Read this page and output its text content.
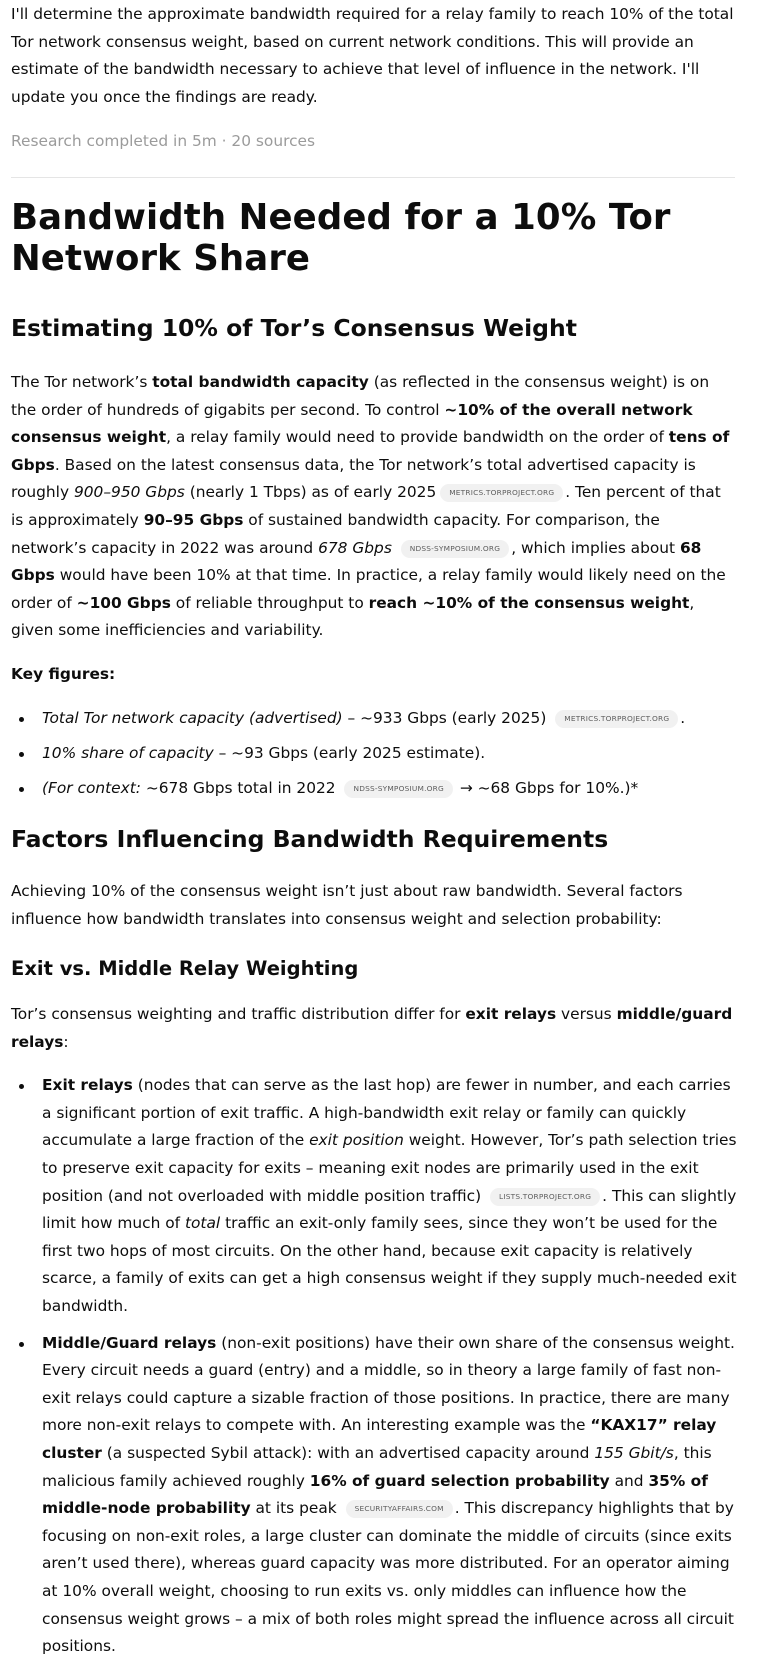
I'll determine the approximate bandwidth required for a relay family to reach 10% of the total Tor network consensus weight, based on current network conditions. This will provide an estimate of the bandwidth necessary to achieve that level of influence in the network. I'll update you once the findings are ready.

Research completed in 5m · 20 sources

Bandwidth Needed for a 10% Tor Network Share
Estimating 10% of Tor’s Consensus Weight

The Tor network’s total bandwidth capacity (as reflected in the consensus weight) is on the order of hundreds of gigabits per second. To control ~10% of the overall network consensus weight, a relay family would need to provide bandwidth on the order of tens of Gbps. Based on the latest consensus data, the Tor network’s total advertised capacity is roughly 900–950 Gbps (nearly 1 Tbps) as of early 2025 METRICS.TORPROJECT.ORG . Ten percent of that is approximately 90–95 Gbps of sustained bandwidth capacity. For comparison, the network’s capacity in 2022 was around 678 Gbps NDSS-SYMPOSIUM.ORG , which implies about 68 Gbps would have been 10% at that time. In practice, a relay family would likely need on the order of ~100 Gbps of reliable throughput to reach ~10% of the consensus weight, given some inefficiencies and variability.

Key figures:

Total Tor network capacity (advertised) – ~933 Gbps (early 2025) METRICS.TORPROJECT.ORG .
10% share of capacity – ~93 Gbps (early 2025 estimate).
(For context: ~678 Gbps total in 2022 NDSS-SYMPOSIUM.ORG → ~68 Gbps for 10%.)*
Factors Influencing Bandwidth Requirements

Achieving 10% of the consensus weight isn’t just about raw bandwidth. Several factors influence how bandwidth translates into consensus weight and selection probability:

Exit vs. Middle Relay Weighting

Tor’s consensus weighting and traffic distribution differ for exit relays versus middle/guard relays:

Exit relays (nodes that can serve as the last hop) are fewer in number, and each carries a significant portion of exit traffic. A high-bandwidth exit relay or family can quickly accumulate a large fraction of the exit position weight. However, Tor’s path selection tries to preserve exit capacity for exits – meaning exit nodes are primarily used in the exit position (and not overloaded with middle position traffic) LISTS.TORPROJECT.ORG . This can slightly limit how much of total traffic an exit-only family sees, since they won’t be used for the first two hops of most circuits. On the other hand, because exit capacity is relatively scarce, a family of exits can get a high consensus weight if they supply much-needed exit bandwidth.
Middle/Guard relays (non-exit positions) have their own share of the consensus weight. Every circuit needs a guard (entry) and a middle, so in theory a large family of fast non-exit relays could capture a sizable fraction of those positions. In practice, there are many more non-exit relays to compete with. An interesting example was the “KAX17” relay cluster (a suspected Sybil attack): with an advertised capacity around 155 Gbit/s, this malicious family achieved roughly 16% of guard selection probability and 35% of middle-node probability at its peak SECURITYAFFAIRS.COM . This discrepancy highlights that by focusing on non-exit roles, a large cluster can dominate the middle of circuits (since exits aren’t used there), whereas guard capacity was more distributed. For an operator aiming at 10% overall weight, choosing to run exits vs. only middles can influence how the consensus weight grows – a mix of both roles might spread the influence across all circuit positions.
